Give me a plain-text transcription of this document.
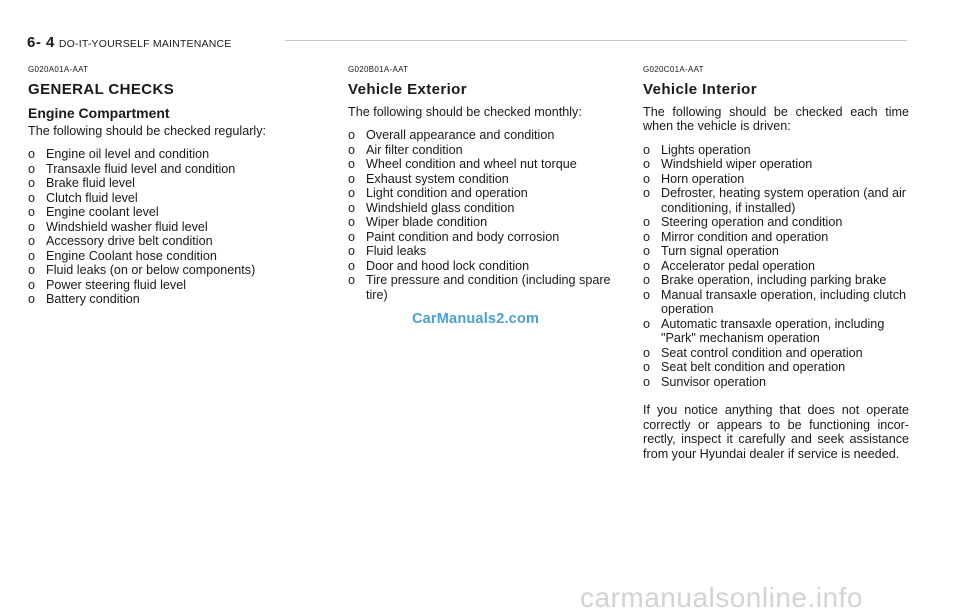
6- 4 DO-IT-YOURSELF MAINTENANCE
G020A01A-AAT
GENERAL CHECKS
Engine Compartment

The following should be checked regularly:

o Engine oil level and condition
o Transaxle fluid level and condition
o Brake fluid level
o Clutch fluid level
o Engine coolant level
o Windshield washer fluid level
o Accessory drive belt condition
o Engine Coolant hose condition
o Fluid leaks (on or below components)
o Power steering fluid level
o Battery condition
G020B01A-AAT
Vehicle Exterior

The following should be checked monthly:

o Overall appearance and condition
o Air filter condition
o Wheel condition and wheel nut torque
o Exhaust system condition
o Light condition and operation
o Windshield glass condition
o Wiper blade condition
o Paint condition and body corrosion
o Fluid leaks
o Door and hood lock condition
o Tire pressure and condition (including spare tire)
G020C01A-AAT
Vehicle Interior

The following should be checked each time when the vehicle is driven:

o Lights operation
o Windshield wiper operation
o Horn operation
o Defroster, heating system operation (and air conditioning, if installed)
o Steering operation and condition
o Mirror condition and operation
o Turn signal operation
o Accelerator pedal operation
o Brake operation, including parking brake
o Manual transaxle operation, including clutch operation
o Automatic transaxle operation, including "Park" mechanism operation
o Seat control condition and operation
o Seat belt condition and operation
o Sunvisor operation

If you notice anything that does not operate correctly or appears to be functioning incor-rectly, inspect it carefully and seek assistance from your Hyundai dealer if service is needed.

CarManuals2.com
carmanualsonline.info
